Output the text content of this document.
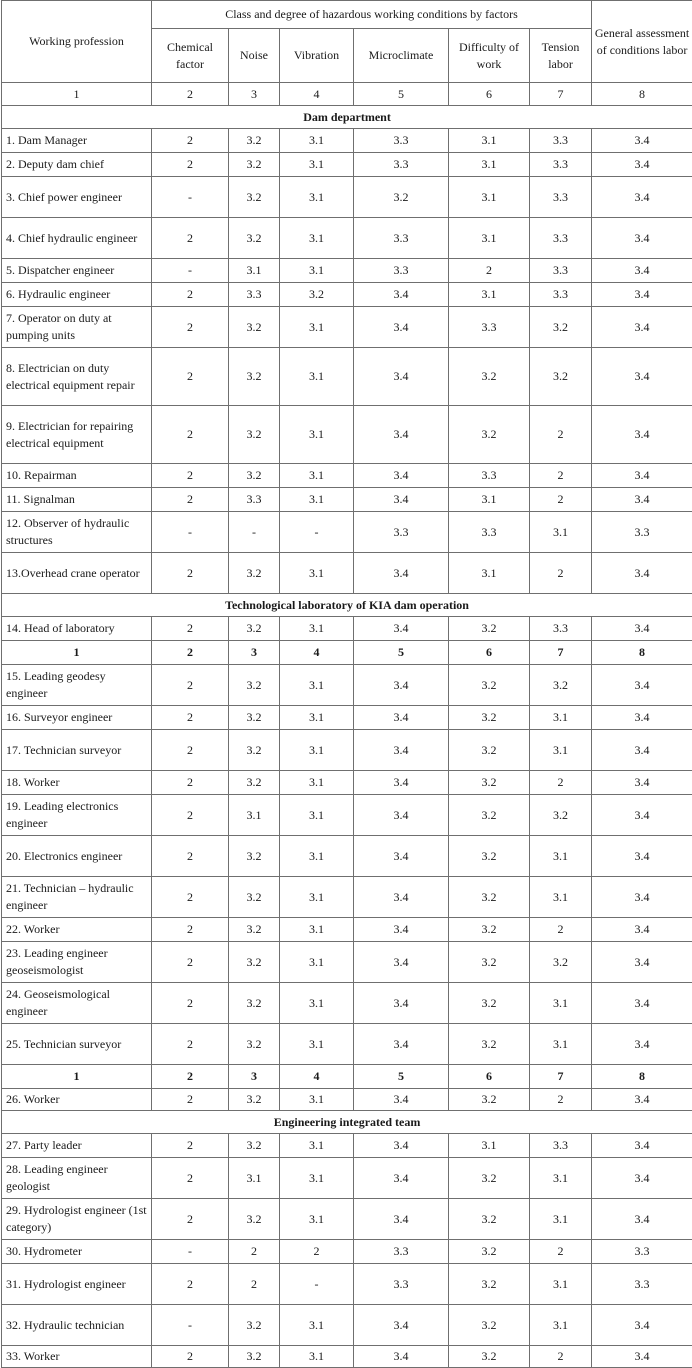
Working profession	Class and degree of hazardous working conditions by factors						General assessment of conditions labor
	Chemical factor	Noise	Vibration	Microclimate	Difficulty of work	Tension labor	
1	2	3	4	5	6	7	8
Dam department							
1. Dam Manager	2	3.2	3.1	3.3	3.1	3.3	3.4
2. Deputy dam chief	2	3.2	3.1	3.3	3.1	3.3	3.4
3. Chief power engineer	-	3.2	3.1	3.2	3.1	3.3	3.4
4. Chief hydraulic engineer	2	3.2	3.1	3.3	3.1	3.3	3.4
5. Dispatcher engineer	-	3.1	3.1	3.3	2	3.3	3.4
6. Hydraulic engineer	2	3.3	3.2	3.4	3.1	3.3	3.4
7. Operator on duty at pumping units	2	3.2	3.1	3.4	3.3	3.2	3.4
8. Electrician on duty electrical equipment repair	2	3.2	3.1	3.4	3.2	3.2	3.4
9. Electrician for repairing electrical equipment	2	3.2	3.1	3.4	3.2	2	3.4
10. Repairman	2	3.2	3.1	3.4	3.3	2	3.4
11. Signalman	2	3.3	3.1	3.4	3.1	2	3.4
12. Observer of hydraulic structures	-	-	-	3.3	3.3	3.1	3.3
13.Overhead crane operator	2	3.2	3.1	3.4	3.1	2	3.4
Technological laboratory of KIA dam operation							
14. Head of laboratory	2	3.2	3.1	3.4	3.2	3.3	3.4
1	2	3	4	5	6	7	8
15. Leading geodesy engineer	2	3.2	3.1	3.4	3.2	3.2	3.4
16. Surveyor engineer	2	3.2	3.1	3.4	3.2	3.1	3.4
17. Technician surveyor	2	3.2	3.1	3.4	3.2	3.1	3.4
18. Worker	2	3.2	3.1	3.4	3.2	2	3.4
19. Leading electronics engineer	2	3.1	3.1	3.4	3.2	3.2	3.4
20. Electronics engineer	2	3.2	3.1	3.4	3.2	3.1	3.4
21. Technician – hydraulic engineer	2	3.2	3.1	3.4	3.2	3.1	3.4
22. Worker	2	3.2	3.1	3.4	3.2	2	3.4
23. Leading engineer geoseismologist	2	3.2	3.1	3.4	3.2	3.2	3.4
24. Geoseismological engineer	2	3.2	3.1	3.4	3.2	3.1	3.4
25. Technician surveyor	2	3.2	3.1	3.4	3.2	3.1	3.4
1	2	3	4	5	6	7	8
26. Worker	2	3.2	3.1	3.4	3.2	2	3.4
Engineering integrated team							
27. Party leader	2	3.2	3.1	3.4	3.1	3.3	3.4
28. Leading engineer geologist	2	3.1	3.1	3.4	3.2	3.1	3.4
29. Hydrologist engineer (1st category)	2	3.2	3.1	3.4	3.2	3.1	3.4
30. Hydrometer	-	2	2	3.3	3.2	2	3.3
31. Hydrologist engineer	2	2	-	3.3	3.2	3.1	3.3
32. Hydraulic technician	-	3.2	3.1	3.4	3.2	3.1	3.4
33. Worker	2	3.2	3.1	3.4	3.2	2	3.4
